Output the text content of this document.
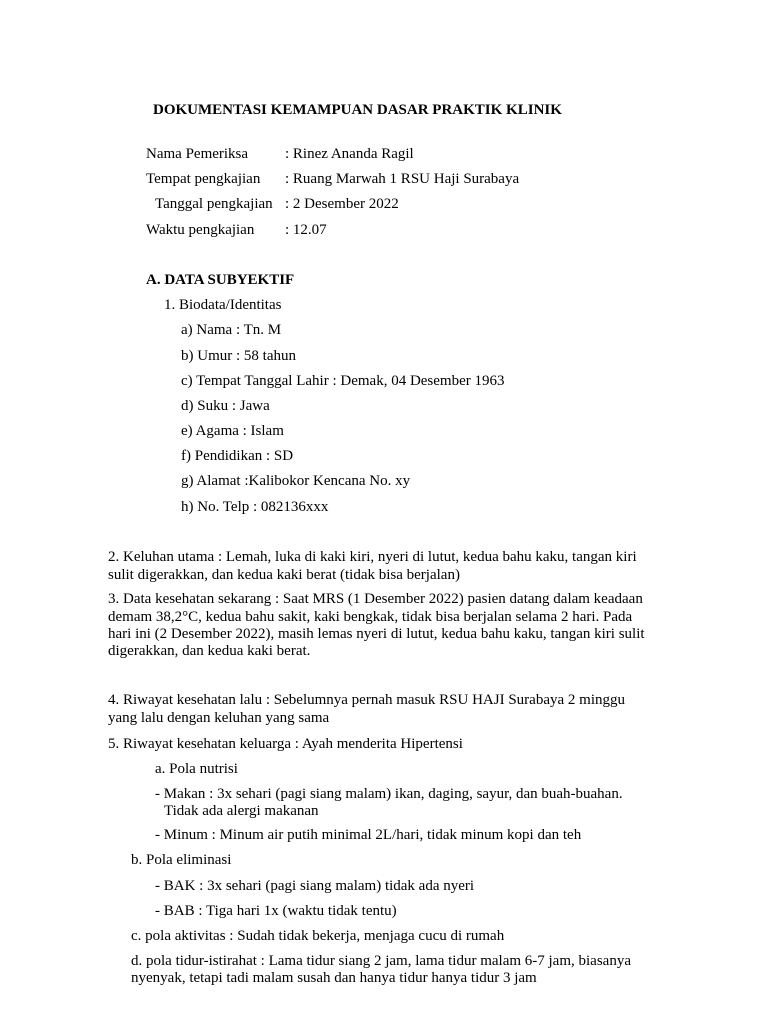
DOKUMENTASI KEMAMPUAN DASAR PRAKTIK KLINIK
Nama Pemeriksa : Rinez Ananda Ragil
Tempat pengkajian : Ruang Marwah 1 RSU Haji Surabaya
Tanggal pengkajian : 2 Desember 2022
Waktu pengkajian : 12.07
A. DATA SUBYEKTIF
1. Biodata/Identitas
a) Nama : Tn. M
b) Umur : 58 tahun
c) Tempat Tanggal Lahir : Demak, 04 Desember 1963
d) Suku : Jawa
e) Agama : Islam
f) Pendidikan : SD
g) Alamat :Kalibokor Kencana No. xy
h) No. Telp : 082136xxx
2. Keluhan utama : Lemah, luka di kaki kiri, nyeri di lutut, kedua bahu kaku, tangan kiri
sulit digerakkan, dan kedua kaki berat (tidak bisa berjalan)
3. Data kesehatan sekarang : Saat MRS (1 Desember 2022) pasien datang dalam keadaan
demam 38,2°C, kedua bahu sakit, kaki bengkak, tidak bisa berjalan selama 2 hari. Pada
hari ini (2 Desember 2022), masih lemas nyeri di lutut, kedua bahu kaku, tangan kiri sulit
digerakkan, dan kedua kaki berat.
4. Riwayat kesehatan lalu : Sebelumnya pernah masuk RSU HAJI Surabaya 2 minggu
yang lalu dengan keluhan yang sama
5. Riwayat kesehatan keluarga : Ayah menderita Hipertensi
a. Pola nutrisi
- Makan : 3x sehari (pagi siang malam) ikan, daging, sayur, dan buah-buahan.
Tidak ada alergi makanan
- Minum : Minum air putih minimal 2L/hari, tidak minum kopi dan teh
b. Pola eliminasi
- BAK : 3x sehari (pagi siang malam) tidak ada nyeri
- BAB : Tiga hari 1x (waktu tidak tentu)
c. pola aktivitas : Sudah tidak bekerja, menjaga cucu di rumah
d. pola tidur-istirahat : Lama tidur siang 2 jam, lama tidur malam 6-7 jam, biasanya
nyenyak, tetapi tadi malam susah dan hanya tidur hanya tidur 3 jam
